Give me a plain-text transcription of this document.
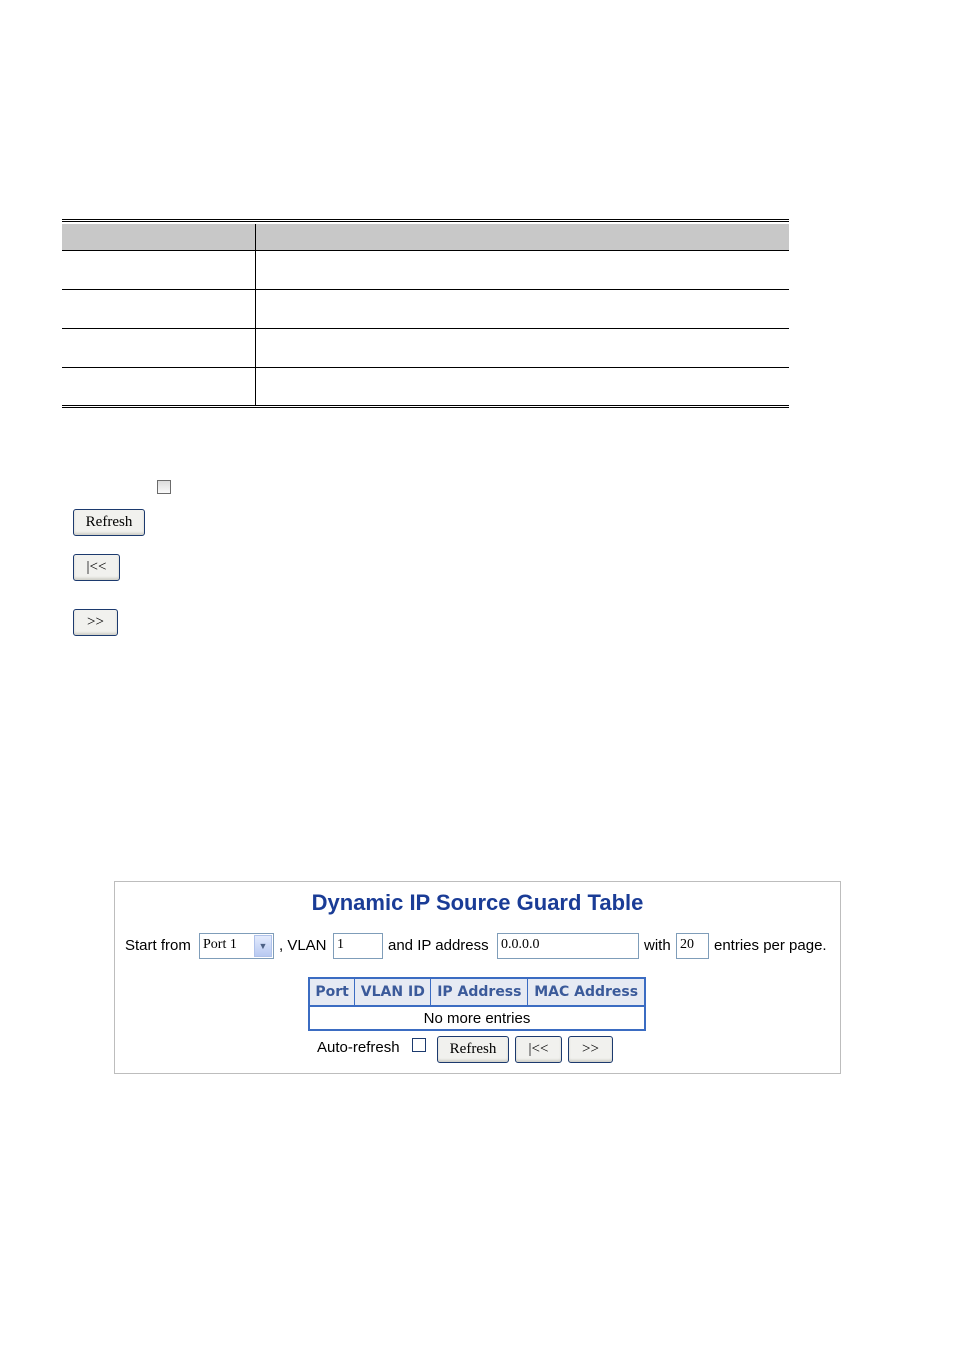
Refresh
|<<
>>
Dynamic IP Source Guard Table
Start from Port 1	▼ , VLAN 1	and IP address 0.0.0.0	with 20	entries per page.
Port	VLAN ID	IP Address	MAC Address
No more entries
Auto-refresh	Refresh	|<<	>>
